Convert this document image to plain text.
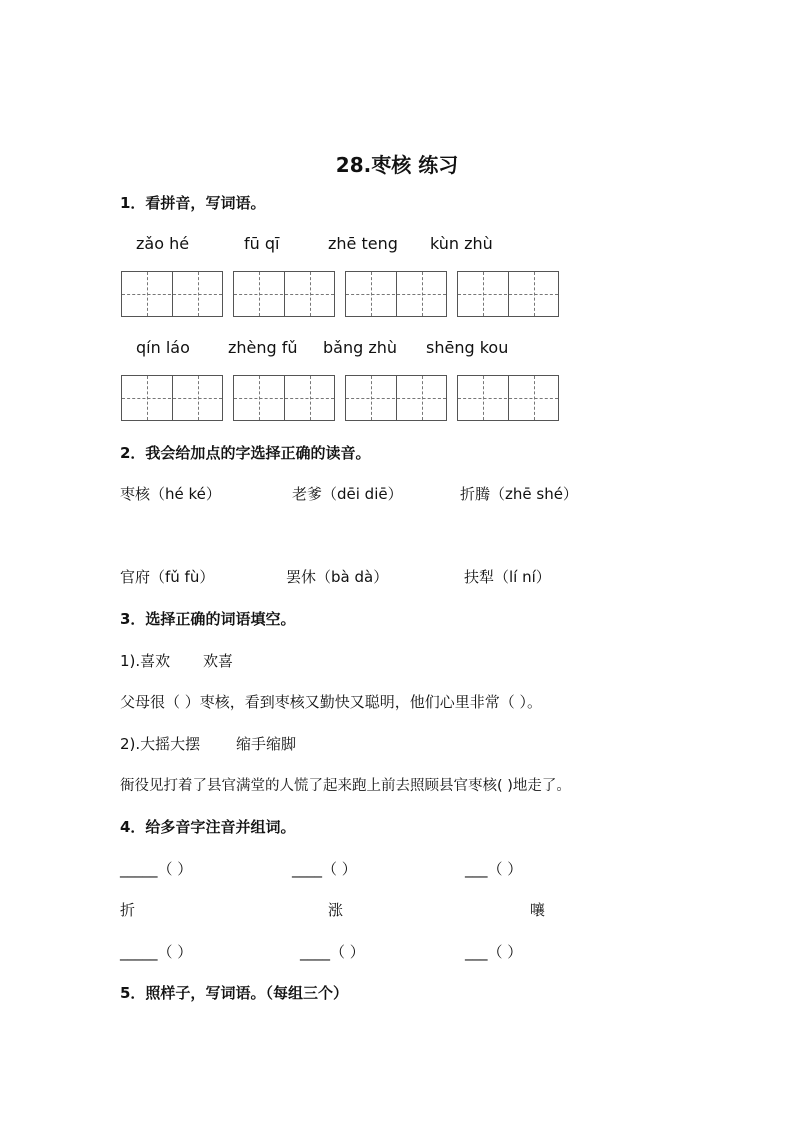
28.枣核 练习
1．看拼音，写词语。
zǎo hé	fū qī	zhē teng kùn zhù
qín láo zhèng fǔ bǎng zhù shēng kou
2．我会给加点的字选择正确的读音。
枣核（hé ké）	老爹（dēi diē）	折腾（zhē shé）
官府（fǔ fù）	罢休（bà dà）	扶犁（lí ní）
3．选择正确的词语填空。
1).喜欢 欢喜
父母很（ ）枣核，看到枣核又勤快又聪明，他们心里非常（ ）。
2).大摇大摆 缩手缩脚
衙役见打着了县官满堂的人慌了起来跑上前去照顾县官枣核( )地走了。
4．给多音字注音并组词。
_____（ ）	____（ ）	___（ ）
折	涨	嚷
_____（ ）	____（ ）	___（ ）
5．照样子，写词语。（每组三个）
